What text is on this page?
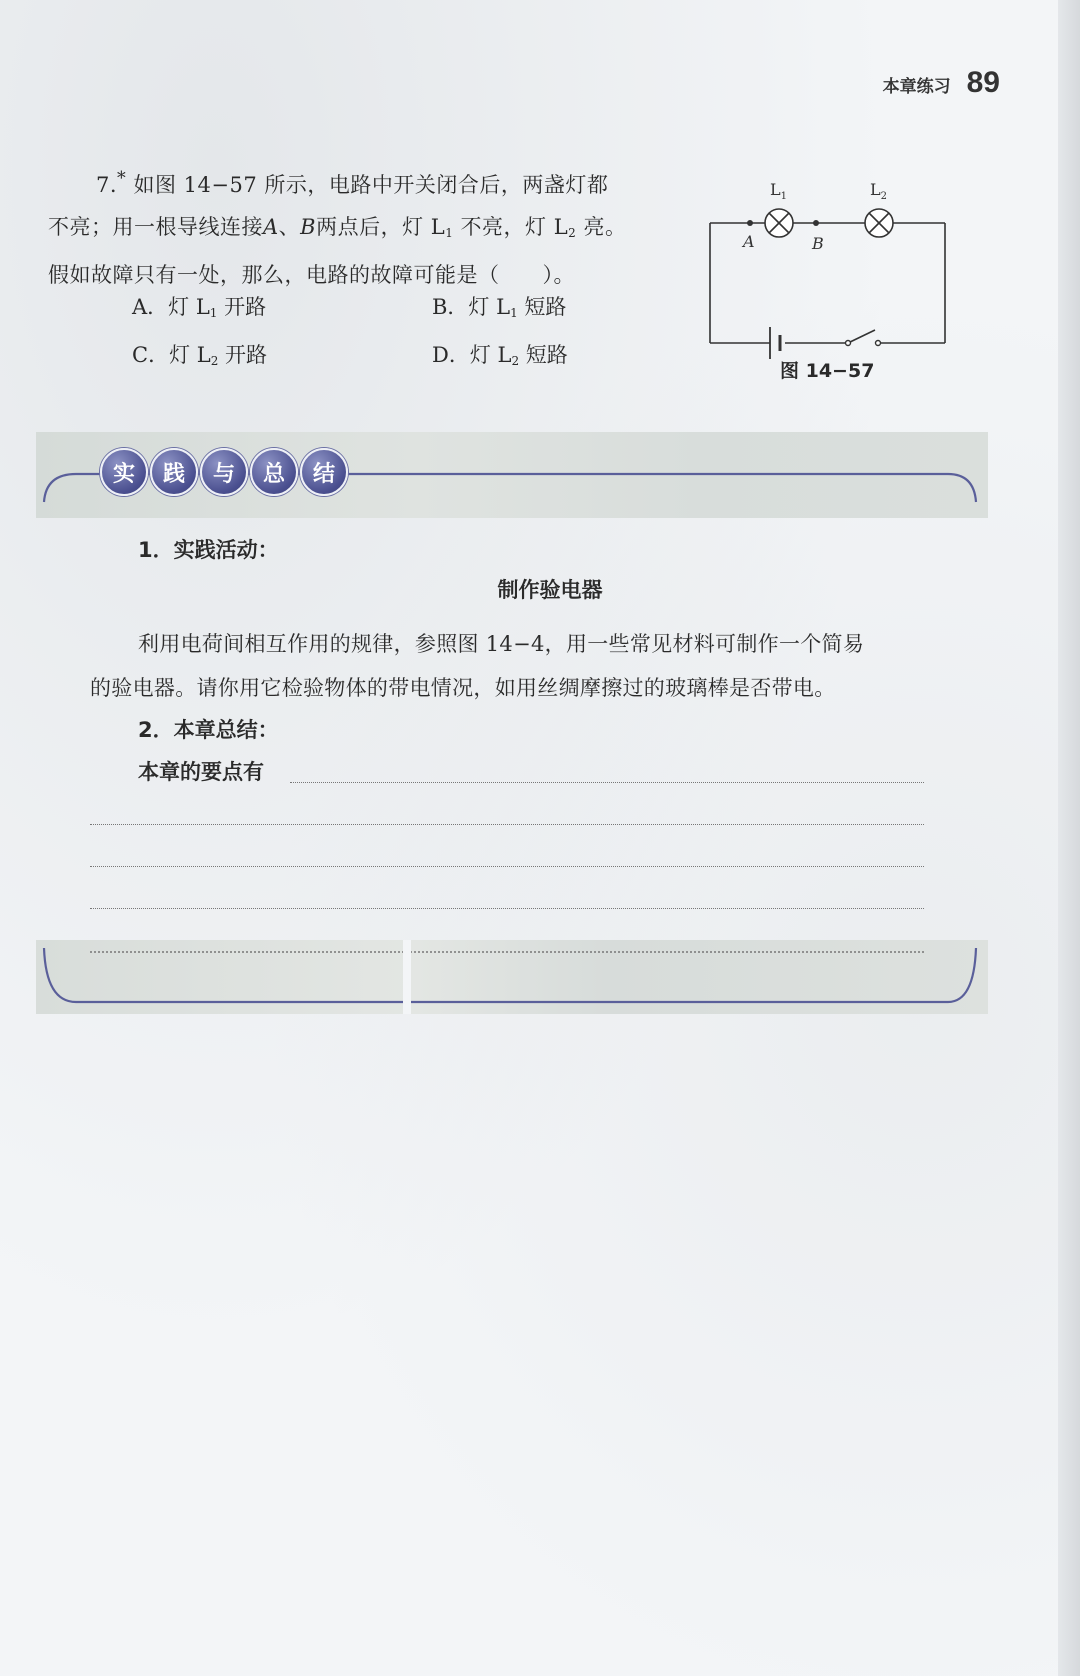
本章练习 89

7.* 如图 14−57 所示，电路中开关闭合后，两盏灯都

不亮；用一根导线连接A、B两点后，灯 $L_1$ 不亮，灯 $L_2$ 亮。

假如故障只有一处，那么，电路的故障可能是（　　）。

A．灯 $L_1$ 开路	B．灯 $L_1$ 短路
C．灯 $L_2$ 开路	D．灯 $L_2$ 短路
A	B
$L_1$	$L_2$
图 14−57
实	践	与	总	结
1．实践活动：
制作验电器

利用电荷间相互作用的规律，参照图 14−4，用一些常见材料可制作一个简易

的验电器。请你用它检验物体的带电情况，如用丝绸摩擦过的玻璃棒是否带电。

2．本章总结：
本章的要点有
